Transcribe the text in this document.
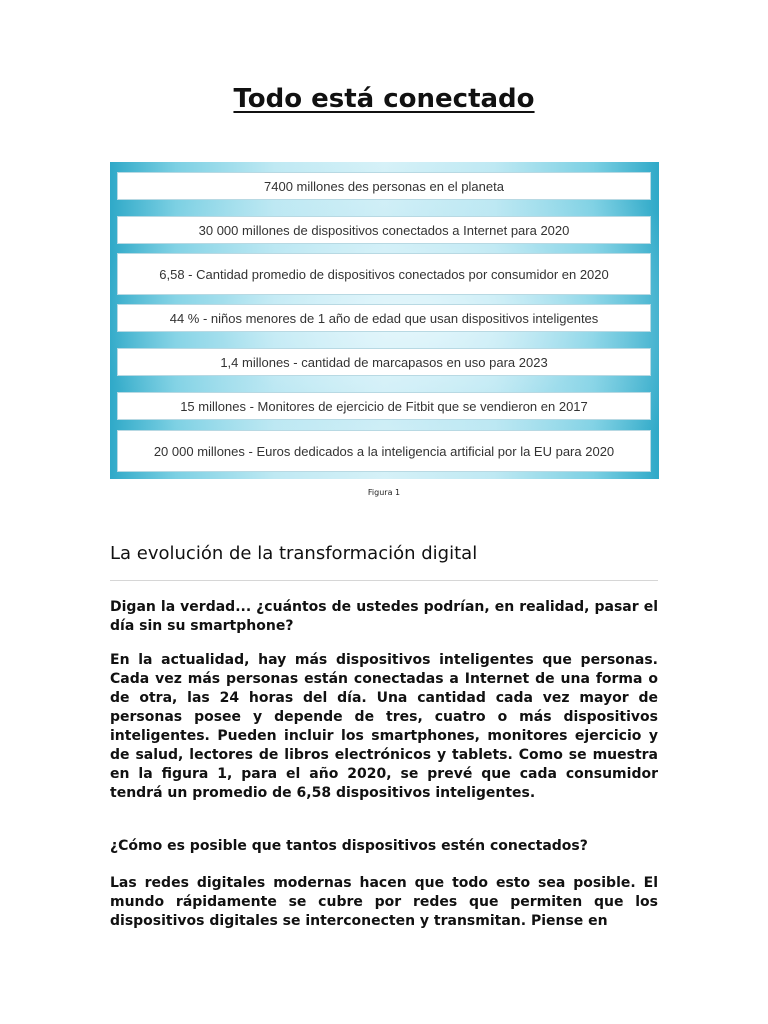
Todo está conectado
7400 millones des personas en el planeta
30 000 millones de dispositivos conectados a Internet para 2020
6,58 - Cantidad promedio de dispositivos conectados por consumidor en 2020
44 % - niños menores de 1 año de edad que usan dispositivos inteligentes
1,4 millones - cantidad de marcapasos en uso para 2023
15 millones - Monitores de ejercicio de Fitbit que se vendieron en 2017
20 000 millones - Euros dedicados a la inteligencia artificial por la EU para 2020
Figura 1
La evolución de la transformación digital

Digan la verdad... ¿cuántos de ustedes podrían, en realidad, pasar el día sin su smartphone?

En la actualidad, hay más dispositivos inteligentes que personas. Cada vez más personas están conectadas a Internet de una forma o de otra, las 24 horas del día. Una cantidad cada vez mayor de personas posee y depende de tres, cuatro o más dispositivos inteligentes. Pueden incluir los smartphones, monitores ejercicio y de salud, lectores de libros electrónicos y tablets. Como se muestra en la figura 1, para el año 2020, se prevé que cada consumidor tendrá un promedio de 6,58 dispositivos inteligentes.

¿Cómo es posible que tantos dispositivos estén conectados?

Las redes digitales modernas hacen que todo esto sea posible. El mundo rápidamente se cubre por redes que permiten que los dispositivos digitales se interconecten y transmitan. Piense en
